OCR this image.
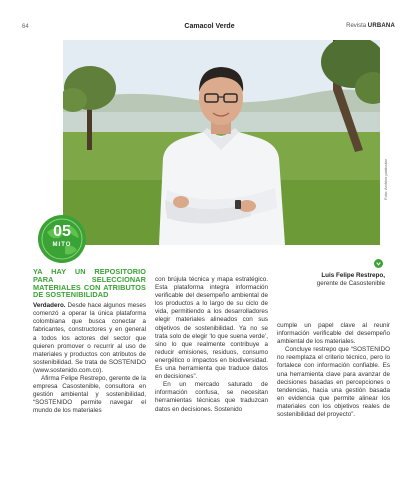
64	Camacol Verde	Revista URBANA
Foto: Archivo particular
05
MITO
YA HAY UN REPOSITORIO PARA SELECCIONAR MATERIALES CON ATRIBUTOS DE SOSTENIBILIDAD

Verdadero. Desde hace algunos meses comenzó a operar la única plataforma colombiana que busca conectar a fabricantes, constructores y en general a todos los actores del sector que quieren promover o recurrir al uso de materiales y productos con atributos de sostenibilidad. Se trata de SOSTENIDO (www.sostenido.com.co).

Afirma Felipe Restrepo, gerente de la empresa Casostenible, consultora en gestión ambiental y sostenibilidad, “SOSTENIDO permite navegar el mundo de los materiales

con brújula técnica y mapa estratégico. Esta plataforma integra información verificable del desempeño ambiental de los productos a lo largo de su ciclo de vida, permitiendo a los desarrolladores elegir materiales alineados con sus objetivos de sostenibilidad. Ya no se trata solo de elegir ‘lo que suena verde’, sino lo que realmente contribuye a reducir emisiones, residuos, consumo energético o impactos en biodiversidad. Es una herramienta que traduce datos en decisiones”.

En un mercado saturado de información confusa, se necesitan herramientas técnicas que traduzcan datos en decisiones. Sostenido

Luis Felipe Restrepo,
gerente de Casostenible

cumple un papel clave al reunir información verificable del desempeño ambiental de los materiales.

Concluye restrepo que “SOSTENIDO no reemplaza el criterio técnico, pero lo fortalece con información confiable. Es una herramienta clave para avanzar de decisiones basadas en percepciones o tendencias, hacia una gestión basada en evidencia que permite alinear los materiales con los objetivos reales de sostenibilidad del proyecto”.
